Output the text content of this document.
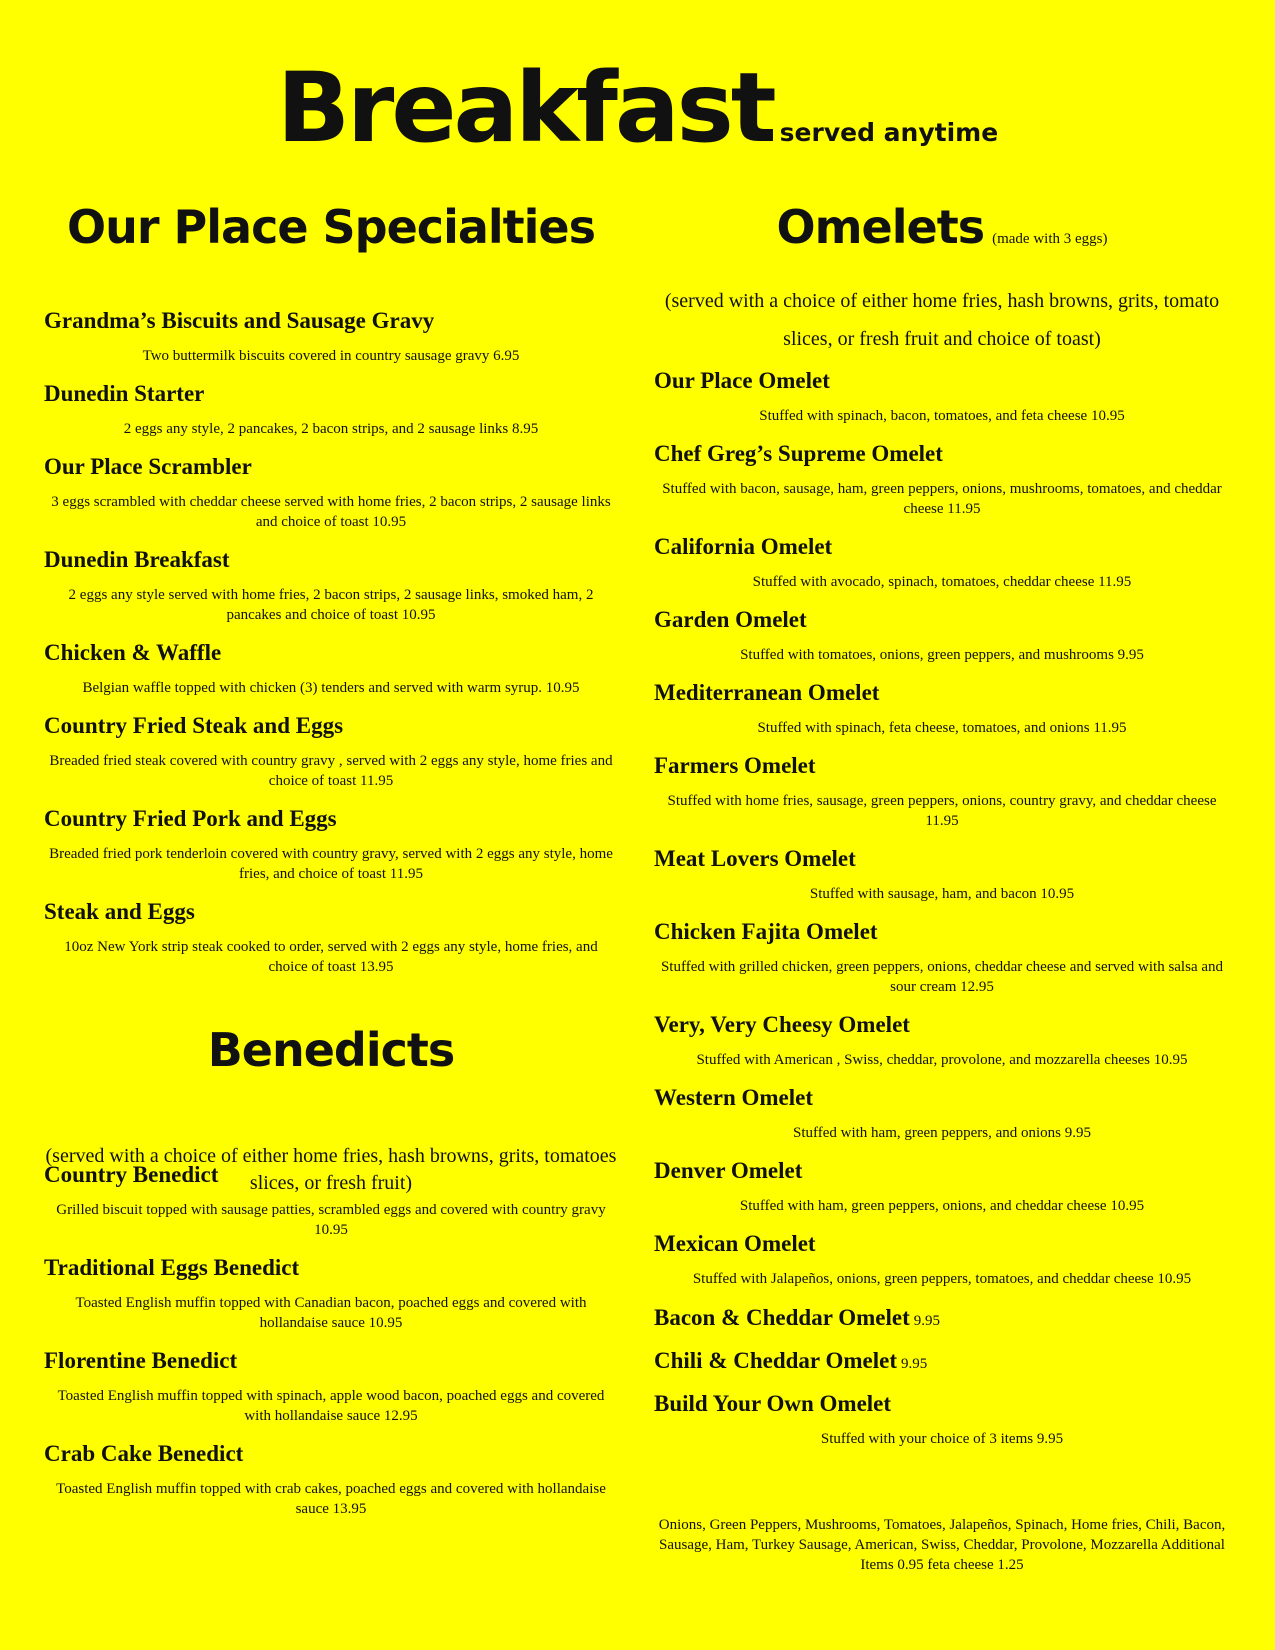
Breakfast served anytime
Our Place Specialties
Grandma’s Biscuits and Sausage Gravy
Two buttermilk biscuits covered in country sausage gravy 6.95
Dunedin Starter
2 eggs any style, 2 pancakes, 2 bacon strips, and 2 sausage links 8.95
Our Place Scrambler
3 eggs scrambled with cheddar cheese served with home fries, 2 bacon strips, 2 sausage links and choice of toast 10.95
Dunedin Breakfast
2 eggs any style served with home fries, 2 bacon strips, 2 sausage links, smoked ham, 2 pancakes and choice of toast 10.95
Chicken & Waffle
Belgian waffle topped with chicken (3) tenders and served with warm syrup. 10.95
Country Fried Steak and Eggs
Breaded fried steak covered with country gravy , served with 2 eggs any style, home fries and choice of toast 11.95
Country Fried Pork and Eggs
Breaded fried pork tenderloin covered with country gravy, served with 2 eggs any style, home fries, and choice of toast 11.95
Steak and Eggs
10oz New York strip steak cooked to order, served with 2 eggs any style, home fries, and choice of toast 13.95
Benedicts
(served with a choice of either home fries, hash browns, grits, tomatoes slices, or fresh fruit)
Country Benedict
Grilled biscuit topped with sausage patties, scrambled eggs and covered with country gravy 10.95
Traditional Eggs Benedict
Toasted English muffin topped with Canadian bacon, poached eggs and covered with hollandaise sauce 10.95
Florentine Benedict
Toasted English muffin topped with spinach, apple wood bacon, poached eggs and covered with hollandaise sauce 12.95
Crab Cake Benedict
Toasted English muffin topped with crab cakes, poached eggs and covered with hollandaise sauce 13.95
Omelets (made with 3 eggs)
(served with a choice of either home fries, hash browns, grits, tomato slices, or fresh fruit and choice of toast)
Our Place Omelet
Stuffed with spinach, bacon, tomatoes, and feta cheese 10.95
Chef Greg’s Supreme Omelet
Stuffed with bacon, sausage, ham, green peppers, onions, mushrooms, tomatoes, and cheddar cheese 11.95
California Omelet
Stuffed with avocado, spinach, tomatoes, cheddar cheese 11.95
Garden Omelet
Stuffed with tomatoes, onions, green peppers, and mushrooms 9.95
Mediterranean Omelet
Stuffed with spinach, feta cheese, tomatoes, and onions 11.95
Farmers Omelet
Stuffed with home fries, sausage, green peppers, onions, country gravy, and cheddar cheese 11.95
Meat Lovers Omelet
Stuffed with sausage, ham, and bacon 10.95
Chicken Fajita Omelet
Stuffed with grilled chicken, green peppers, onions, cheddar cheese and served with salsa and sour cream 12.95
Very, Very Cheesy Omelet
Stuffed with American , Swiss, cheddar, provolone, and mozzarella cheeses 10.95
Western Omelet
Stuffed with ham, green peppers, and onions 9.95
Denver Omelet
Stuffed with ham, green peppers, onions, and cheddar cheese 10.95
Mexican Omelet
Stuffed with Jalapeños, onions, green peppers, tomatoes, and cheddar cheese 10.95
Bacon & Cheddar Omelet 9.95
Chili & Cheddar Omelet 9.95
Build Your Own Omelet
Stuffed with your choice of 3 items 9.95
Onions, Green Peppers, Mushrooms, Tomatoes, Jalapeños, Spinach, Home fries, Chili, Bacon, Sausage, Ham, Turkey Sausage, American, Swiss, Cheddar, Provolone, Mozzarella Additional Items 0.95 feta cheese 1.25
